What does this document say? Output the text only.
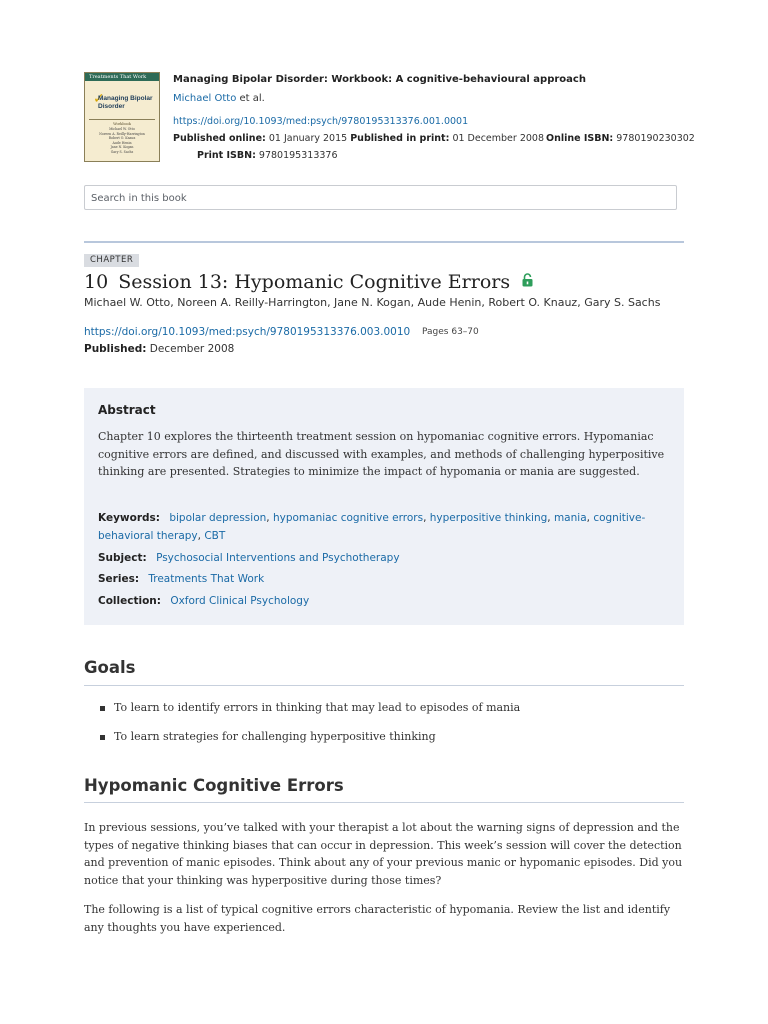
Treatments That Work
✓
Managing Bipolar Disorder
Workbook
Michael W. Otto
Noreen A. Reilly-Harrington
Robert O. Knauz
Aude Henin
Jane N. Kogan
Gary S. Sachs
Managing Bipolar Disorder: Workbook: A cognitive-behavioural approach
Michael Otto et al.
https://doi.org/10.1093/med:psych/9780195313376.001.0001
Published online: 01 January 2015 Published in print: 01 December 2008 Online ISBN: 9780190230302
Print ISBN: 9780195313376
Search in this book
CHAPTER
10 Session 13: Hypomanic Cognitive Errors
Michael W. Otto, Noreen A. Reilly-Harrington, Jane N. Kogan, Aude Henin, Robert O. Knauz, Gary S. Sachs
https://doi.org/10.1093/med:psych/9780195313376.003.0010 Pages 63–70
Published: December 2008
Abstract
Chapter 10 explores the thirteenth treatment session on hypomaniac cognitive errors. Hypomaniac cognitive errors are defined, and discussed with examples, and methods of challenging hyperpositive thinking are presented. Strategies to minimize the impact of hypomania or mania are suggested.
Keywords: bipolar depression, hypomaniac cognitive errors, hyperpositive thinking, mania, cognitive-behavioral therapy, CBT
Subject: Psychosocial Interventions and Psychotherapy
Series: Treatments That Work
Collection: Oxford Clinical Psychology
Goals
To learn to identify errors in thinking that may lead to episodes of mania
To learn strategies for challenging hyperpositive thinking
Hypomanic Cognitive Errors
In previous sessions, you’ve talked with your therapist a lot about the warning signs of depression and the types of negative thinking biases that can occur in depression. This week’s session will cover the detection and prevention of manic episodes. Think about any of your previous manic or hypomanic episodes. Did you notice that your thinking was hyperpositive during those times?
The following is a list of typical cognitive errors characteristic of hypomania. Review the list and identify any thoughts you have experienced.
